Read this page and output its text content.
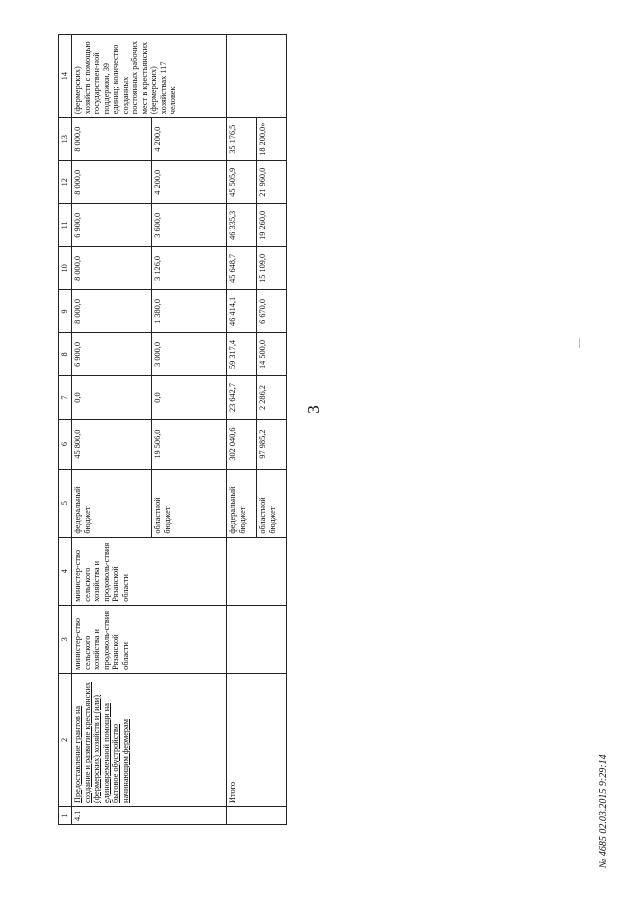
3
1	2	3	4	5	6	7	8	9	10	11	12	13	14
4.1	Предоставление грантов на создание и развитие крестьянских (фермерских) хозяйств и (или) единовременной помощи на бытовое обустройство начинающим фермерам	министер-ство сельского хозяйства и продоволь-ствия Рязанской области	министер-ство сельского хозяйства и продоволь-ствия Рязанской области	федеральный бюджет	45 800,0	0,0	6 900,0	8 000,0	8 000,0	6 900,0	8 000,0	8 000,0	(фермерских) хозяйств с помощью государствен-ной поддержки, 39 единиц; количество созданных постоянных рабочих мест в крестьянских (фермерских) хозяйствах 117 человек
				областной бюджет	19 506,0	0,0	3 000,0	1 380,0	3 126,0	3 600,0	4 200,0	4 200,0	
	Итого			федеральный бюджет	302 040,6	23 642,7	59 317,4	46 414,1	45 648,7	46 335,3	45 505,9	35 176,5	
				областной бюджет	97 985,2	2 286,2	14 500,0	6 670,0	15 109,0	19 260,0	21 960,0	18 200,0»	
№ 4685 02.03.2015 9:29:14
